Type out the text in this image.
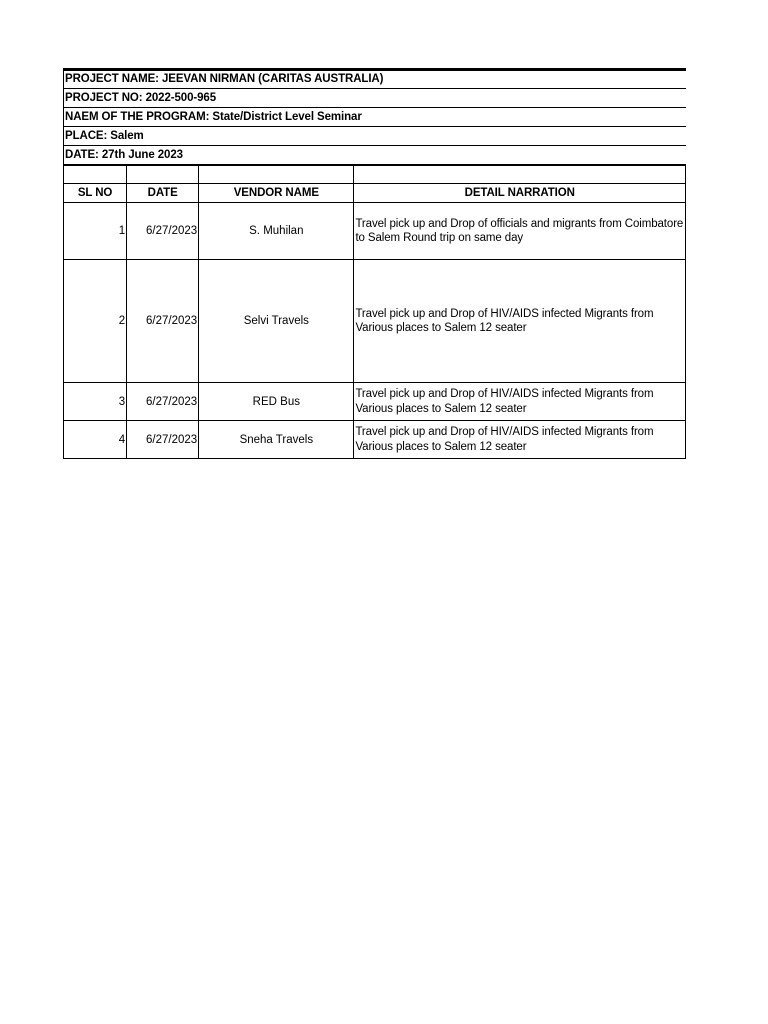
PROJECT NAME: JEEVAN NIRMAN (CARITAS AUSTRALIA)
PROJECT NO: 2022-500-965
NAEM OF THE PROGRAM: State/District Level Seminar
PLACE: Salem
DATE: 27th June 2023

SL NO	DATE	VENDOR NAME	DETAIL NARRATION
1	6/27/2023	S. Muhilan	Travel pick up and Drop of officials and migrants from Coimbatore to Salem Round trip on same day
2	6/27/2023	Selvi Travels	Travel pick up and Drop of HIV/AIDS infected Migrants from Various places to Salem 12 seater
3	6/27/2023	RED Bus	Travel pick up and Drop of HIV/AIDS infected Migrants from Various places to Salem 12 seater
4	6/27/2023	Sneha Travels	Travel pick up and Drop of HIV/AIDS infected Migrants from Various places to Salem 12 seater
